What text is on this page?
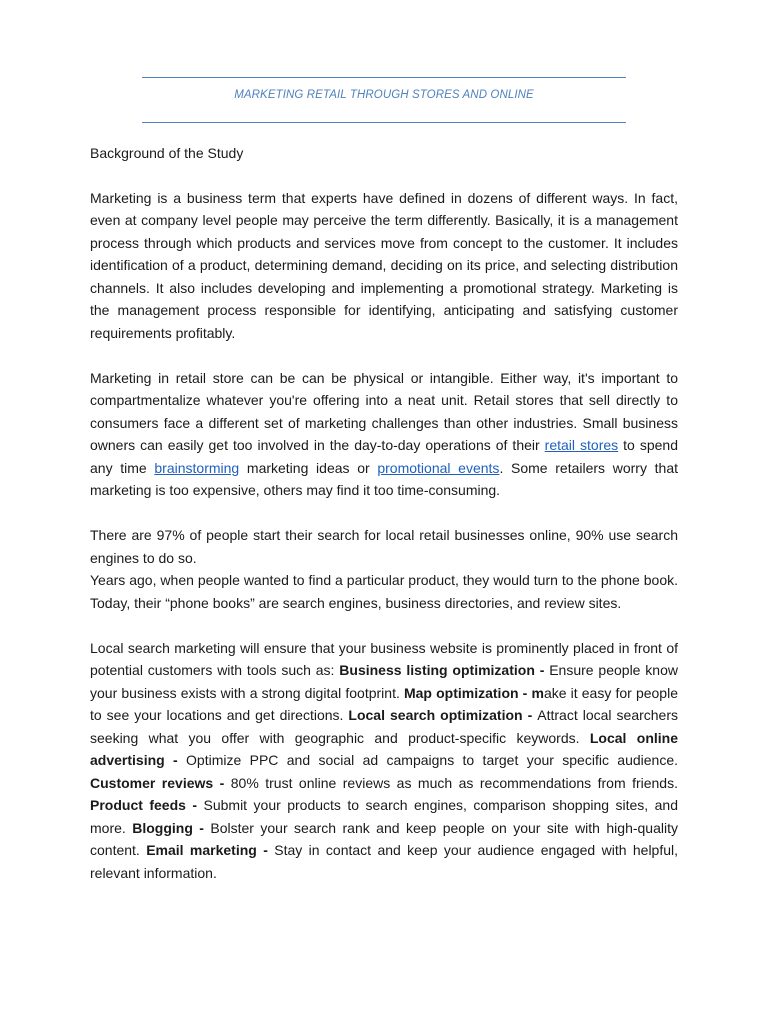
MARKETING RETAIL THROUGH STORES AND ONLINE
Background of the Study

Marketing is a business term that experts have defined in dozens of different ways. In fact, even at company level people may perceive the term differently. Basically, it is a management process through which products and services move from concept to the customer. It includes identification of a product, determining demand, deciding on its price, and selecting distribution channels. It also includes developing and implementing a promotional strategy. Marketing is the management process responsible for identifying, anticipating and satisfying customer requirements profitably.

Marketing in retail store can be can be physical or intangible. Either way, it's important to compartmentalize whatever you're offering into a neat unit. Retail stores that sell directly to consumers face a different set of marketing challenges than other industries. Small business owners can easily get too involved in the day-to-day operations of their retail stores to spend any time brainstorming marketing ideas or promotional events. Some retailers worry that marketing is too expensive, others may find it too time-consuming.

There are 97% of people start their search for local retail businesses online, 90% use search engines to do so.
Years ago, when people wanted to find a particular product, they would turn to the phone book. Today, their “phone books” are search engines, business directories, and review sites.

Local search marketing will ensure that your business website is prominently placed in front of potential customers with tools such as: Business listing optimization - Ensure people know your business exists with a strong digital footprint. Map optimization - make it easy for people to see your locations and get directions. Local search optimization - Attract local searchers seeking what you offer with geographic and product-specific keywords. Local online advertising - Optimize PPC and social ad campaigns to target your specific audience. Customer reviews - 80% trust online reviews as much as recommendations from friends. Product feeds - Submit your products to search engines, comparison shopping sites, and more. Blogging - Bolster your search rank and keep people on your site with high-quality content. Email marketing - Stay in contact and keep your audience engaged with helpful, relevant information.
